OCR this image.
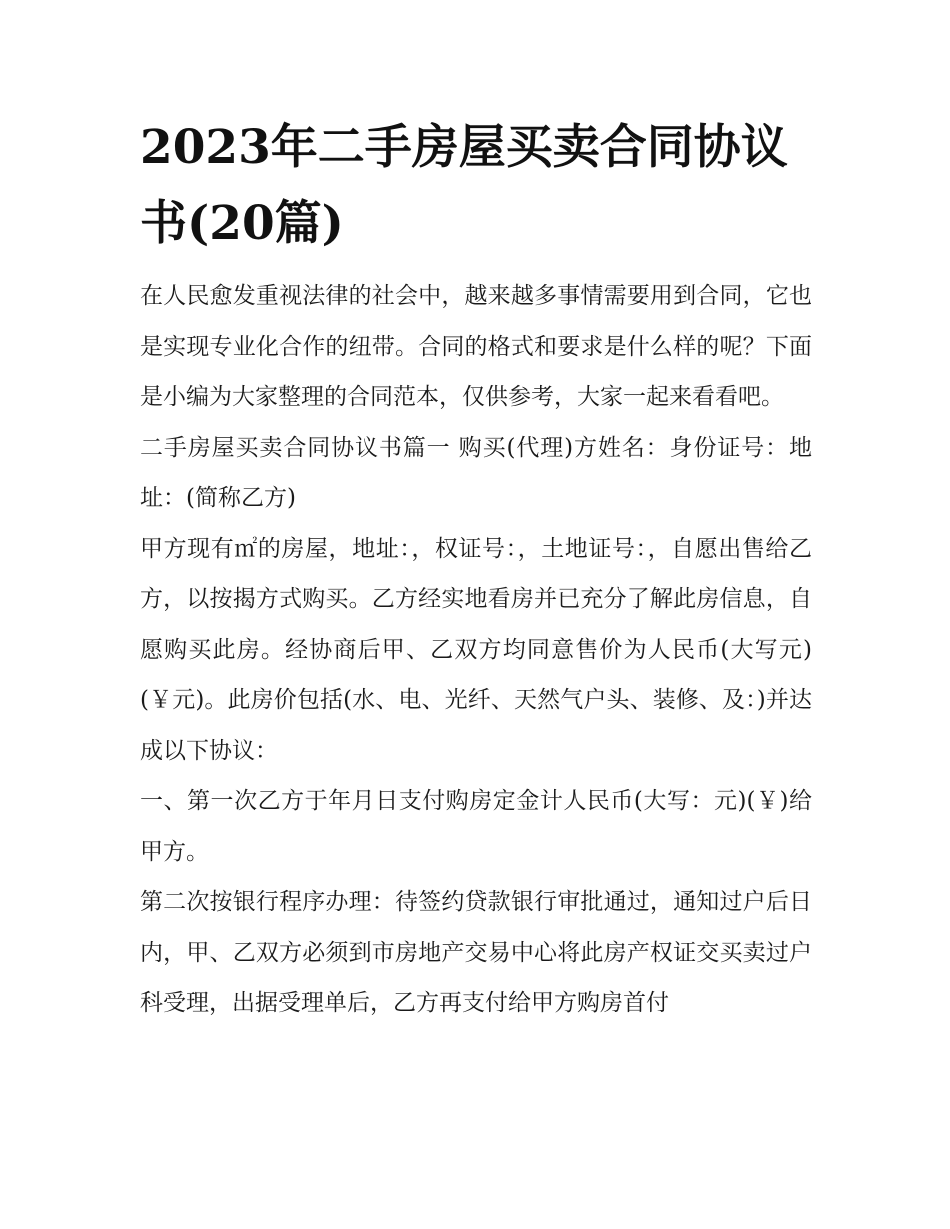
2023年二手房屋买卖合同协议书(20篇)

在人民愈发重视法律的社会中，越来越多事情需要用到合同，它也是实现专业化合作的纽带。合同的格式和要求是什么样的呢？下面是小编为大家整理的合同范本，仅供参考，大家一起来看看吧。

二手房屋买卖合同协议书篇一 购买(代理)方姓名：身份证号：地址：(简称乙方)

甲方现有㎡的房屋，地址：，权证号：，土地证号：，自愿出售给乙方，以按揭方式购买。乙方经实地看房并已充分了解此房信息，自愿购买此房。经协商后甲、乙双方均同意售价为人民币(大写元)(￥元)。此房价包括(水、电、光纤、天然气户头、装修、及：)并达成以下协议：

一、第一次乙方于年月日支付购房定金计人民币(大写：元)(￥)给甲方。

第二次按银行程序办理：待签约贷款银行审批通过，通知过户后日内，甲、乙双方必须到市房地产交易中心将此房产权证交买卖过户科受理，出据受理单后，乙方再支付给甲方购房首付
